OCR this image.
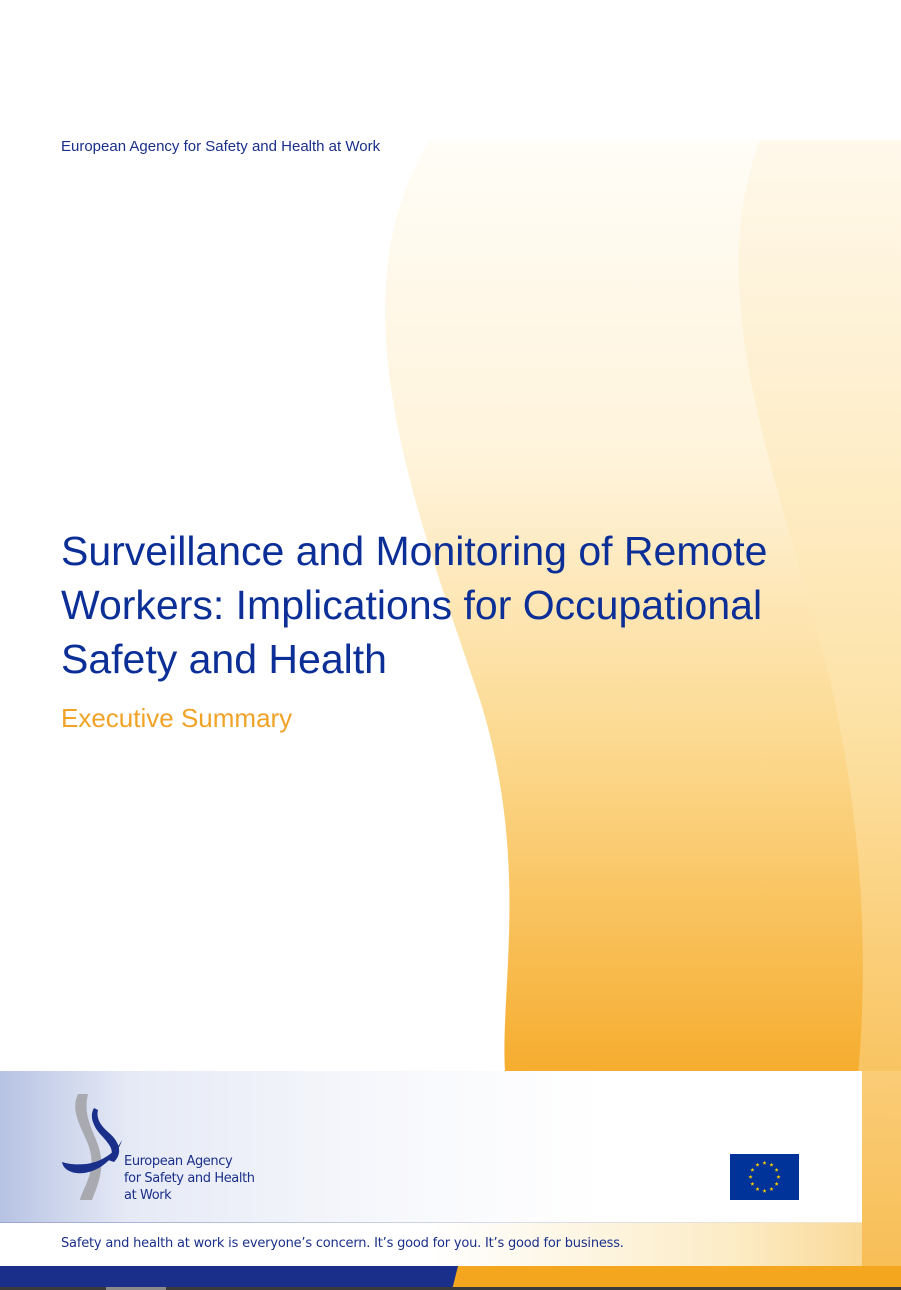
European Agency for Safety and Health at Work
Surveillance and Monitoring of Remote
Workers: Implications for Occupational
Safety and Health
Executive Summary
European Agency
for Safety and Health
at Work
Safety and health at work is everyone’s concern. It’s good for you. It’s good for business.
